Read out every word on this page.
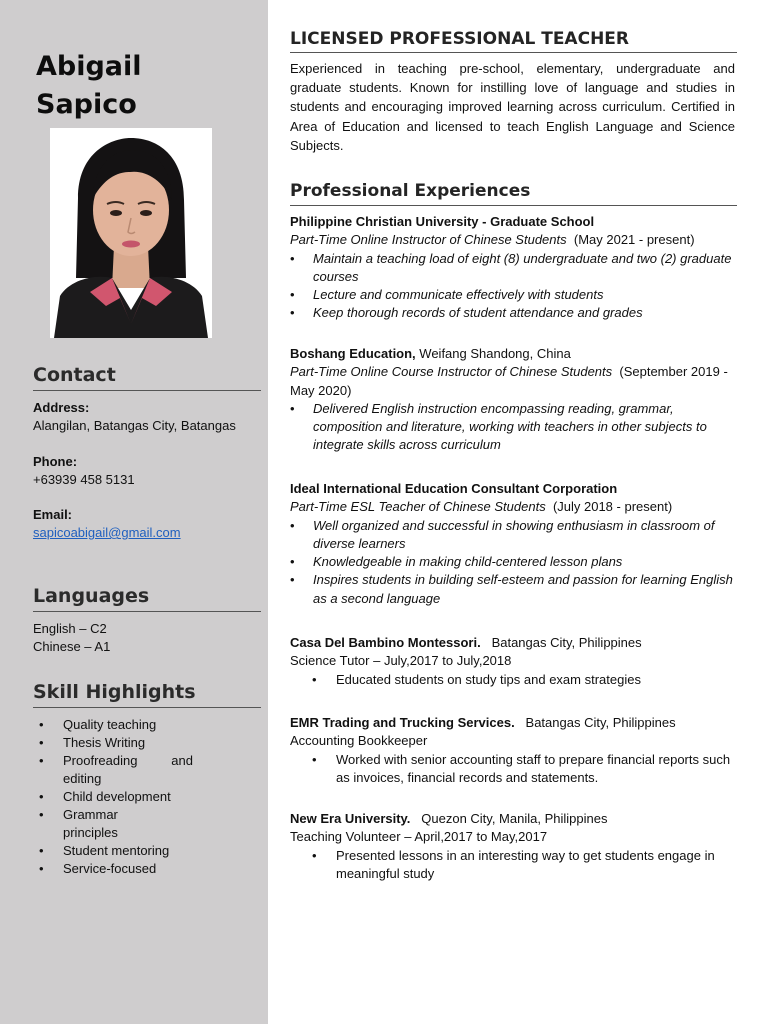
Abigail
Sapico
Contact
Address:
Alangilan, Batangas City, Batangas
Phone:
+63939 458 5131
Email:
sapicoabigail@gmail.com
Languages
English – C2
Chinese – A1
Skill Highlights
• Quality teaching
• Thesis Writing
• Proofreading and editing
• Child development
• Grammar principles
• Student mentoring
• Service-focused
LICENSED PROFESSIONAL TEACHER
Experienced in teaching pre-school, elementary, undergraduate and graduate students. Known for instilling love of language and studies in students and encouraging improved learning across curriculum. Certified in Area of Education and licensed to teach English Language and Science Subjects.
Professional Experiences
Philippine Christian University - Graduate School
Part-Time Online Instructor of Chinese Students (May 2021 - present)
• Maintain a teaching load of eight (8) undergraduate and two (2) graduate courses
• Lecture and communicate effectively with students
• Keep thorough records of student attendance and grades
Boshang Education, Weifang Shandong, China
Part-Time Online Course Instructor of Chinese Students (September 2019 - May 2020)
• Delivered English instruction encompassing reading, grammar, composition and literature, working with teachers in other subjects to integrate skills across curriculum
Ideal International Education Consultant Corporation
Part-Time ESL Teacher of Chinese Students (July 2018 - present)
• Well organized and successful in showing enthusiasm in classroom of diverse learners
• Knowledgeable in making child-centered lesson plans
• Inspires students in building self-esteem and passion for learning English as a second language
Casa Del Bambino Montessori. Batangas City, Philippines
Science Tutor – July,2017 to July,2018
• Educated students on study tips and exam strategies
EMR Trading and Trucking Services. Batangas City, Philippines
Accounting Bookkeeper
• Worked with senior accounting staff to prepare financial reports such as invoices, financial records and statements.
New Era University. Quezon City, Manila, Philippines
Teaching Volunteer – April,2017 to May,2017
• Presented lessons in an interesting way to get students engage in meaningful study
